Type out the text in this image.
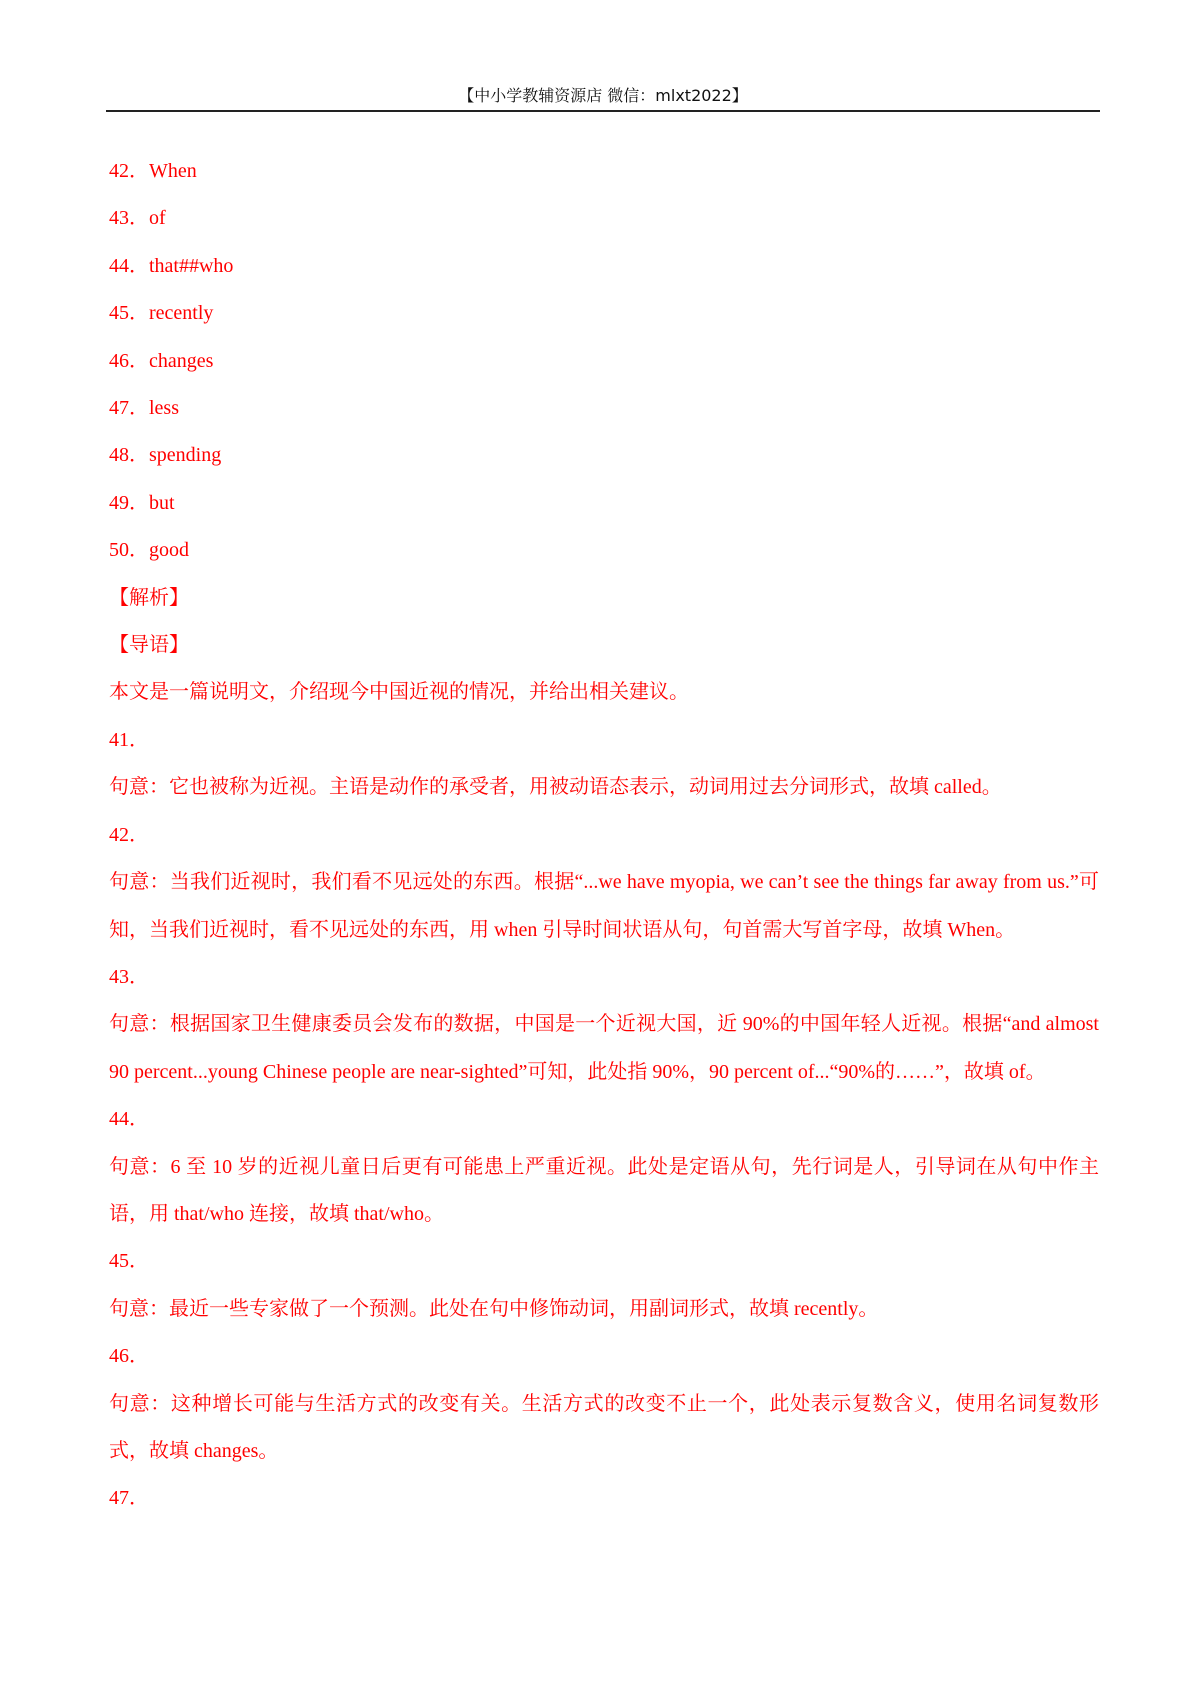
【中小学教辅资源店 微信：mlxt2022】
42．When
43．of
44．that##who
45．recently
46．changes
47．less
48．spending
49．but
50．good
【解析】
【导语】
本文是一篇说明文，介绍现今中国近视的情况，并给出相关建议。
41．
句意：它也被称为近视。主语是动作的承受者，用被动语态表示，动词用过去分词形式，故填 called。
42．
句意：当我们近视时，我们看不见远处的东西。根据“...we have myopia, we can’t see the things far away from us.”可知，当我们近视时，看不见远处的东西，用 when 引导时间状语从句，句首需大写首字母，故填 When。
43．
句意：根据国家卫生健康委员会发布的数据，中国是一个近视大国，近 90%的中国年轻人近视。根据“and almost 90 percent...young Chinese people are near-sighted”可知，此处指 90%，90 percent of...“90%的……”，故填 of。
44．
句意：6 至 10 岁的近视儿童日后更有可能患上严重近视。此处是定语从句，先行词是人，引导词在从句中作主语，用 that/who 连接，故填 that/who。
45．
句意：最近一些专家做了一个预测。此处在句中修饰动词，用副词形式，故填 recently。
46．
句意：这种增长可能与生活方式的改变有关。生活方式的改变不止一个，此处表示复数含义，使用名词复数形式，故填 changes。
47．
